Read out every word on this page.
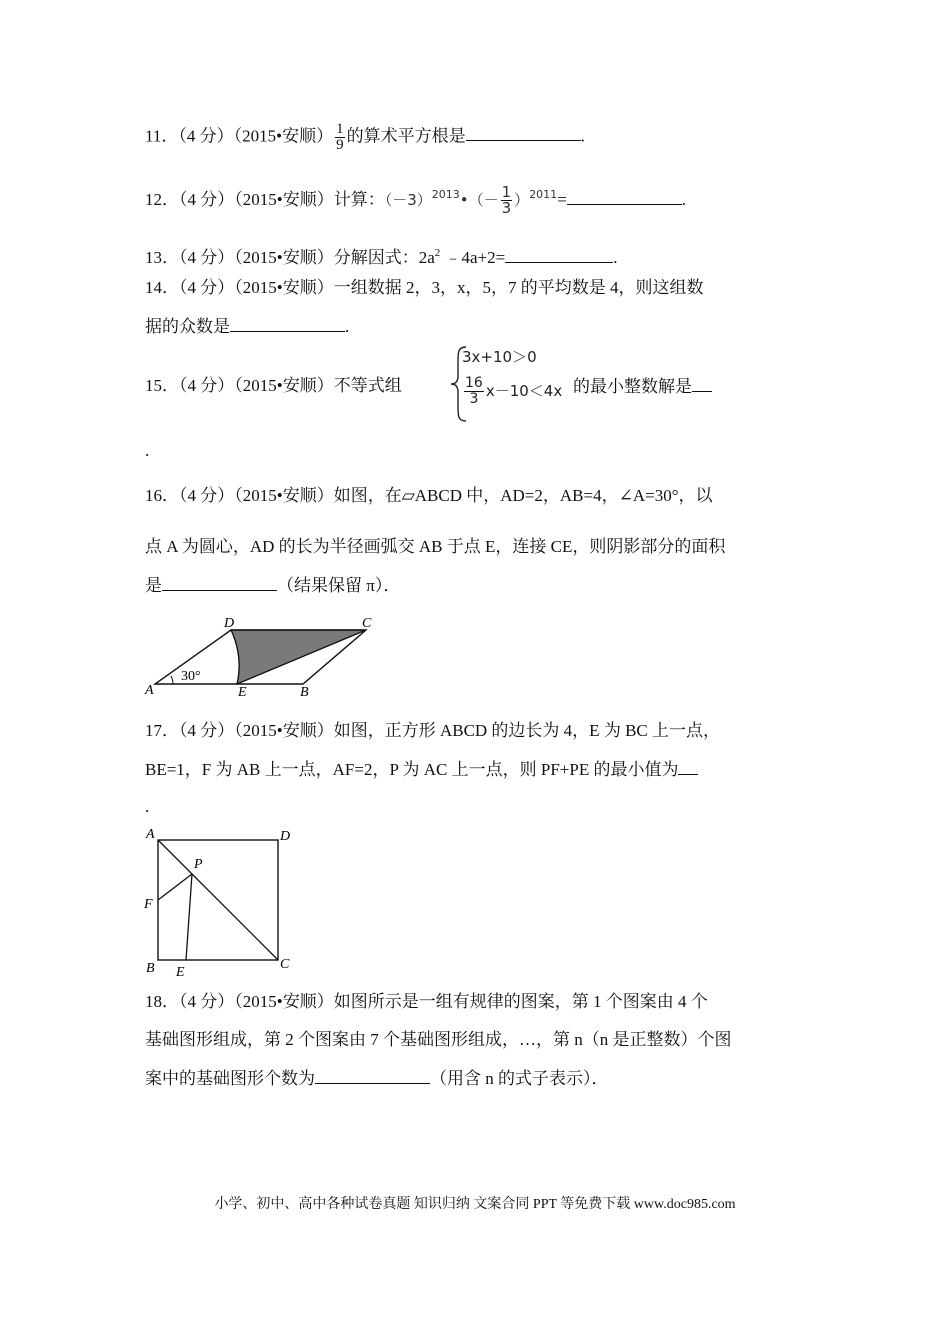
11．（4 分）（2015•安顺） $\frac{1}{9}$ 的算术平方根是	.
12．（4 分）（2015•安顺）计算：$(-3)^{2013}•(- \frac{1}{3} )^{2011}=$	.
13．（4 分）（2015•安顺）分解因式：$2a^2$ ﹣4a+2=	.
14．（4 分）（2015•安顺）一组数据 2，3，x，5，7 的平均数是 4，则这组数
据的众数是	.
15．（4 分）（2015•安顺）不等式组
3x+10＞0
$\frac{16}{3} x-10<4x$ 的最小整数解是
.
16．（4 分）（2015•安顺）如图，在▱ABCD 中，AD=2，AB=4，∠A=30°，以
点 A 为圆心，AD 的长为半径画弧交 AB 于点 E，连接 CE，则阴影部分的面积
是	（结果保留 π）．
30°
A	B
C
D
E
17．（4 分）（2015•安顺）如图，正方形 ABCD 的边长为 4，E 为 BC 上一点，
BE=1，F 为 AB 上一点，AF=2，P 为 AC 上一点，则 PF+PE 的最小值为
.
A	D
F
P
B E
C
18．（4 分）（2015•安顺）如图所示是一组有规律的图案，第 1 个图案由 4 个
基础图形组成，第 2 个图案由 7 个基础图形组成，…，第 n（n 是正整数）个图
案中的基础图形个数为	（用含 n 的式子表示）．
小学、初中、高中各种试卷真题 知识归纳 文案合同 PPT 等免费下载 www.doc985.com
